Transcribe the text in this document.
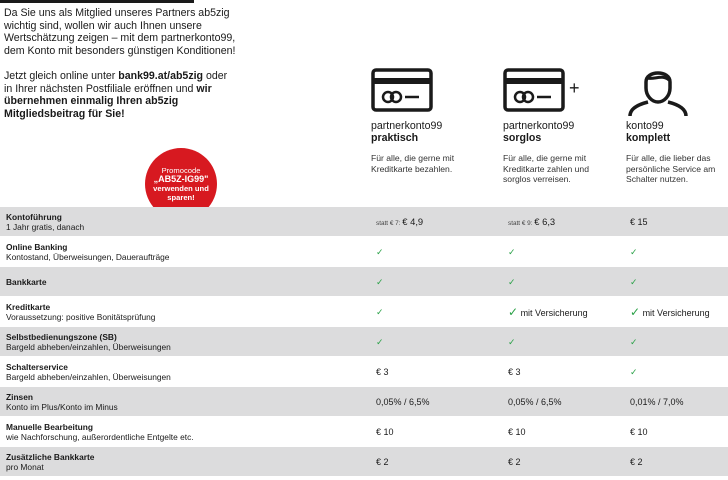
Da Sie uns als Mitglied unseres Partners ab5zig wichtig sind, wollen wir auch Ihnen unsere Wertschätzung zeigen – mit dem partnerkonto99, dem Konto mit besonders günstigen Konditionen!

Jetzt gleich online unter bank99.at/ab5zig oder in Ihrer nächsten Postfiliale eröffnen und wir übernehmen einmalig Ihren ab5zig Mitgliedsbeitrag für Sie!

Promocode
„AB5Z-IG99"
verwenden und
sparen!
partnerkonto99
praktisch
Für alle, die gerne mit Kreditkarte bezahlen.
+
partnerkonto99
sorglos
Für alle, die gerne mit Kreditkarte zahlen und sorglos verreisen.
konto99
komplett
Für alle, die lieber das persönliche Service am Schalter nutzen.
Kontoführung
1 Jahr gratis, danach	statt € 7: € 4,9	statt € 9: € 6,3	€ 15
Online Banking
Kontostand, Überweisungen, Daueraufträge	✓	✓	✓
Bankkarte	✓	✓	✓
Kreditkarte
Voraussetzung: positive Bonitätsprüfung	✓	✓ mit Versicherung	✓ mit Versicherung
Selbstbedienungszone (SB)
Bargeld abheben/einzahlen, Überweisungen	✓	✓	✓
Schalterservice
Bargeld abheben/einzahlen, Überweisungen	€ 3	€ 3	✓
Zinsen
Konto im Plus/Konto im Minus	0,05% / 6,5%	0,05% / 6,5%	0,01% / 7,0%
Manuelle Bearbeitung
wie Nachforschung, außerordentliche Entgelte etc.	€ 10	€ 10	€ 10
Zusätzliche Bankkarte
pro Monat	€ 2	€ 2	€ 2
